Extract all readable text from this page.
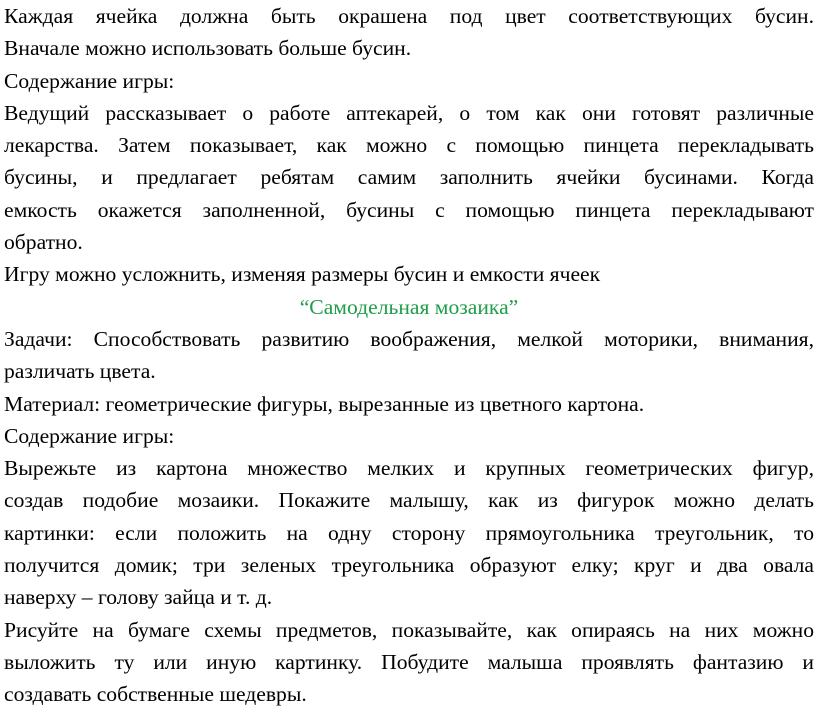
Каждая ячейка должна быть окрашена под цвет соответствующих бусин.
Вначале можно использовать больше бусин.
Содержание игры:
Ведущий рассказывает о работе аптекарей, о том как они готовят различные
лекарства. Затем показывает, как можно с помощью пинцета перекладывать
бусины, и предлагает ребятам самим заполнить ячейки бусинами. Когда
емкость окажется заполненной, бусины с помощью пинцета перекладывают
обратно.
Игру можно усложнить, изменяя размеры бусин и емкости ячеек
“Самодельная мозаика”
Задачи: Способствовать развитию воображения, мелкой моторики, внимания,
различать цвета.
Материал: геометрические фигуры, вырезанные из цветного картона.
Содержание игры:
Вырежьте из картона множество мелких и крупных геометрических фигур,
создав подобие мозаики. Покажите малышу, как из фигурок можно делать
картинки: если положить на одну сторону прямоугольника треугольник, то
получится домик; три зеленых треугольника образуют елку; круг и два овала
наверху – голову зайца и т. д.
Рисуйте на бумаге схемы предметов, показывайте, как опираясь на них можно
выложить ту или иную картинку. Побудите малыша проявлять фантазию и
создавать собственные шедевры.
